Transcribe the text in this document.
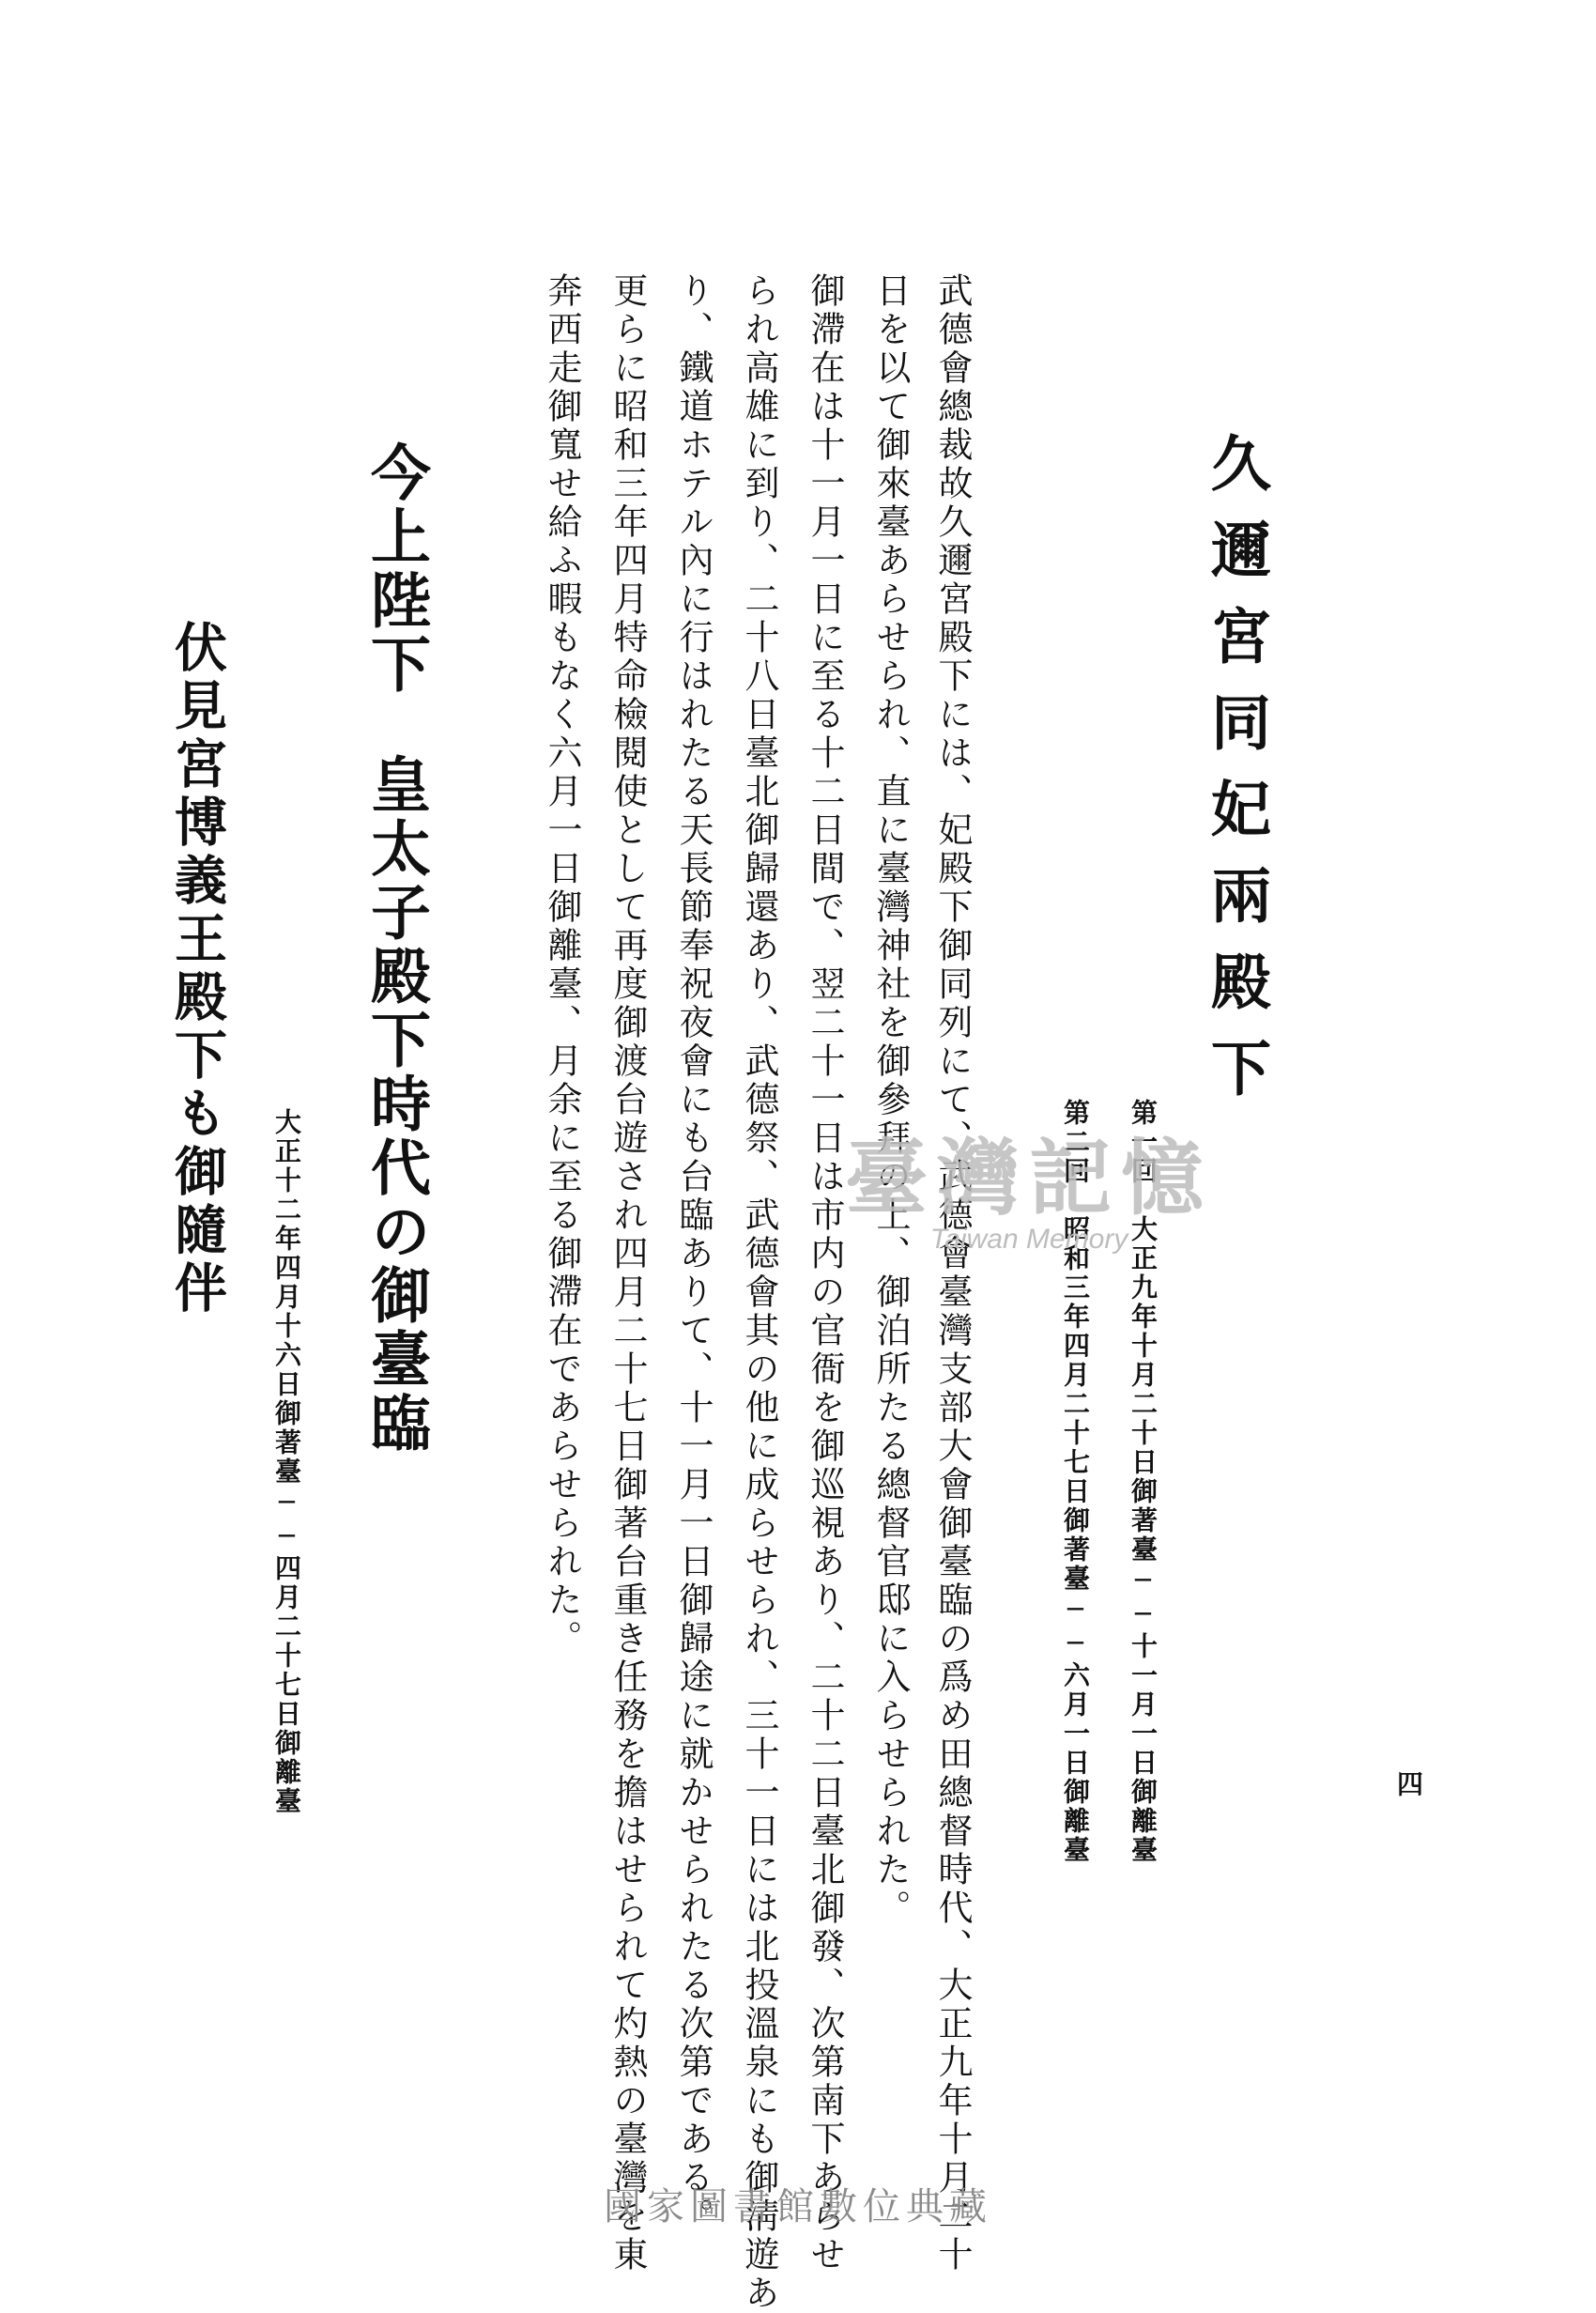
四

久邇宮同妃兩殿下

第一回　大正九年十月二十日御著臺──十一月一日御離臺

第二回　昭和三年四月二十七日御著臺──六月一日御離臺

武德會總裁故久邇宮殿下には、妃殿下御同列にて、武德會臺灣支部大會御臺臨の爲め田總督時代、大正九年十月二十

日を以て御來臺あらせられ、直に臺灣神社を御參拜の上、御泊所たる總督官邸に入らせられた。

御滯在は十一月一日に至る十二日間で、翌二十一日は市内の官衙を御巡視あり、二十二日臺北御發、次第南下あらせ

られ高雄に到り、二十八日臺北御歸還あり、武德祭、武德會其の他に成らせられ、三十一日には北投溫泉にも御淸遊あ

り、鐵道ホテル內に行はれたる天長節奉祝夜會にも台臨ありて、十一月一日御歸途に就かせられたる次第である。

更らに昭和三年四月特命檢閱使として再度御渡台遊され四月二十七日御著台重き任務を擔はせられて灼熱の臺灣を東

奔西走御寬せ給ふ暇もなく六月一日御離臺、月余に至る御滯在であらせられた。

今上陛下皇太子殿下時代の御臺臨

大正十二年四月十六日御著臺──四月二十七日御離臺

伏見宮博義王殿下も御隨伴	臺灣記憶
Taiwan Memory
國家圖書館數位典藏
